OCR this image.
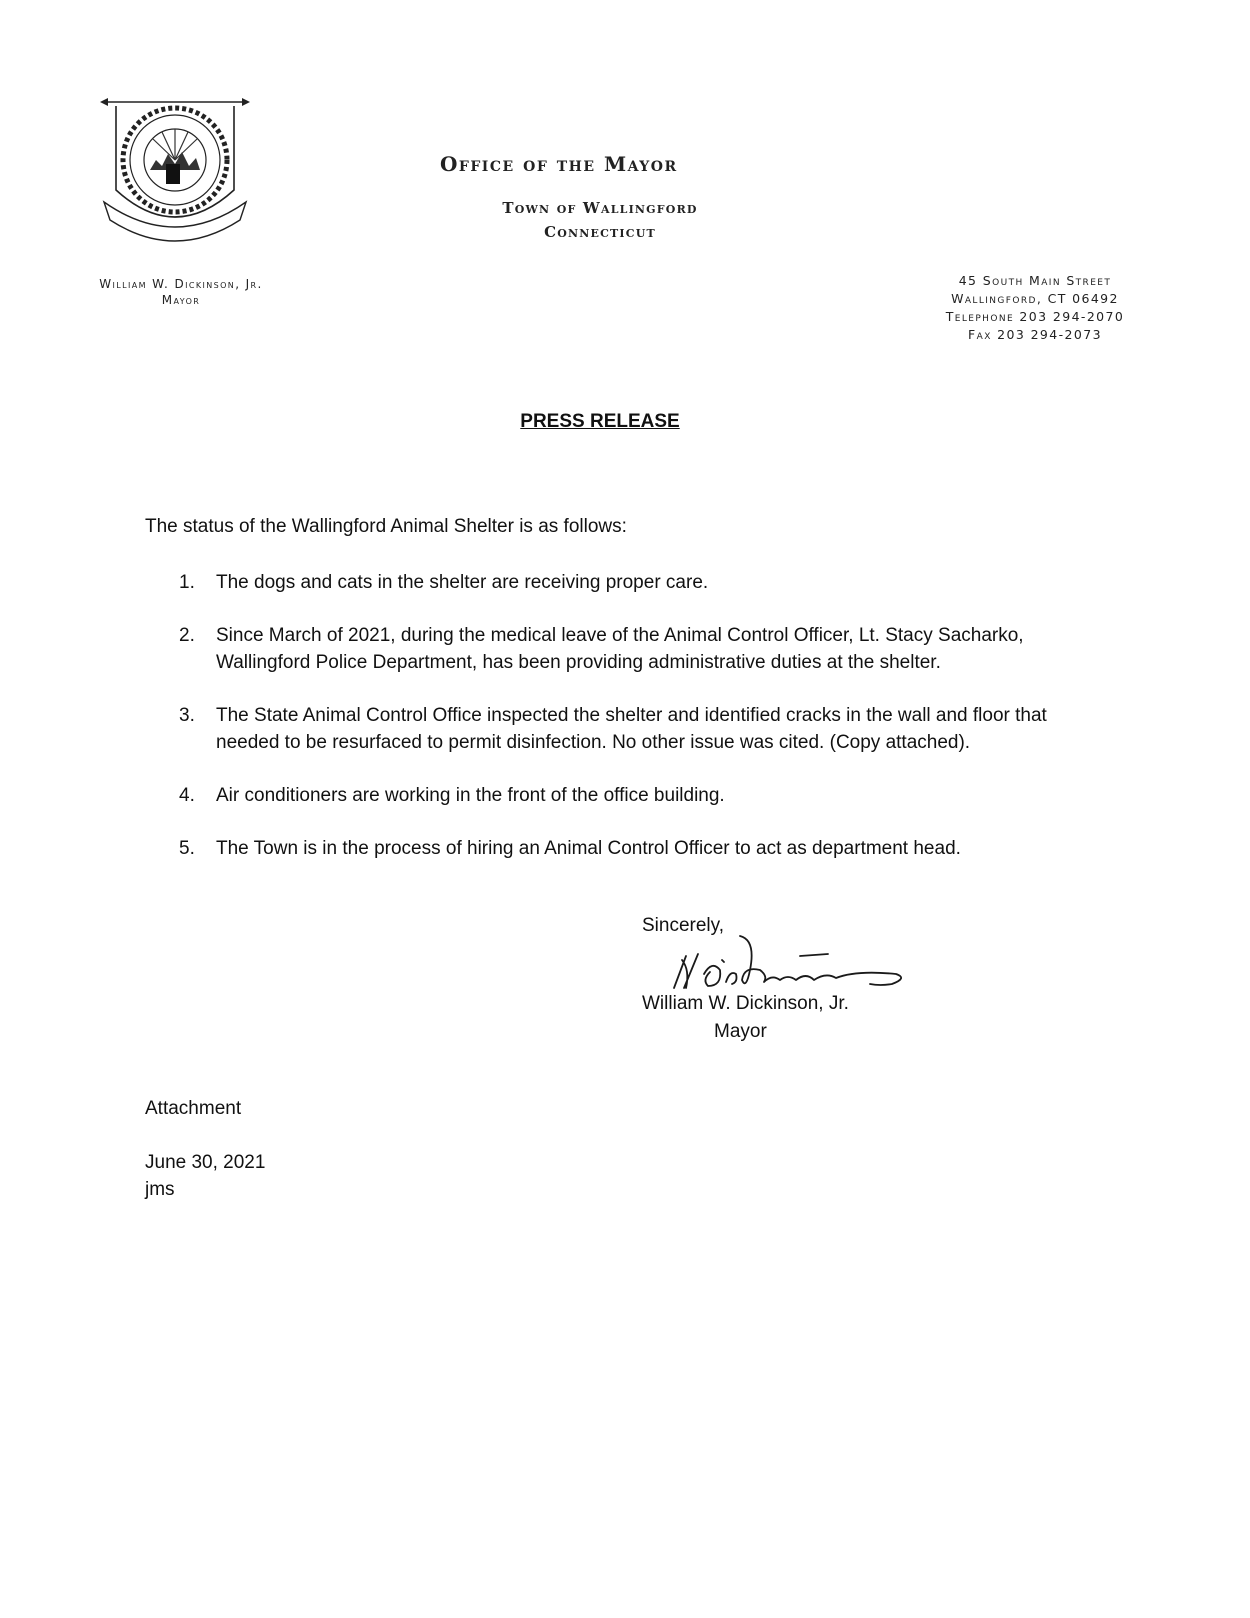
Office of the Mayor
Town of Wallingford
Connecticut
William W. Dickinson, Jr.
Mayor
45 South Main Street
Wallingford, CT 06492
Telephone 203 294-2070
Fax 203 294-2073
PRESS RELEASE
The status of the Wallingford Animal Shelter is as follows:
1. The dogs and cats in the shelter are receiving proper care.
2. Since March of 2021, during the medical leave of the Animal Control Officer, Lt. Stacy Sacharko, Wallingford Police Department, has been providing administrative duties at the shelter.
3. The State Animal Control Office inspected the shelter and identified cracks in the wall and floor that needed to be resurfaced to permit disinfection. No other issue was cited. (Copy attached).
4. Air conditioners are working in the front of the office building.
5. The Town is in the process of hiring an Animal Control Officer to act as department head.
Sincerely,
William W. Dickinson, Jr.
Mayor
Attachment
June 30, 2021
jms
